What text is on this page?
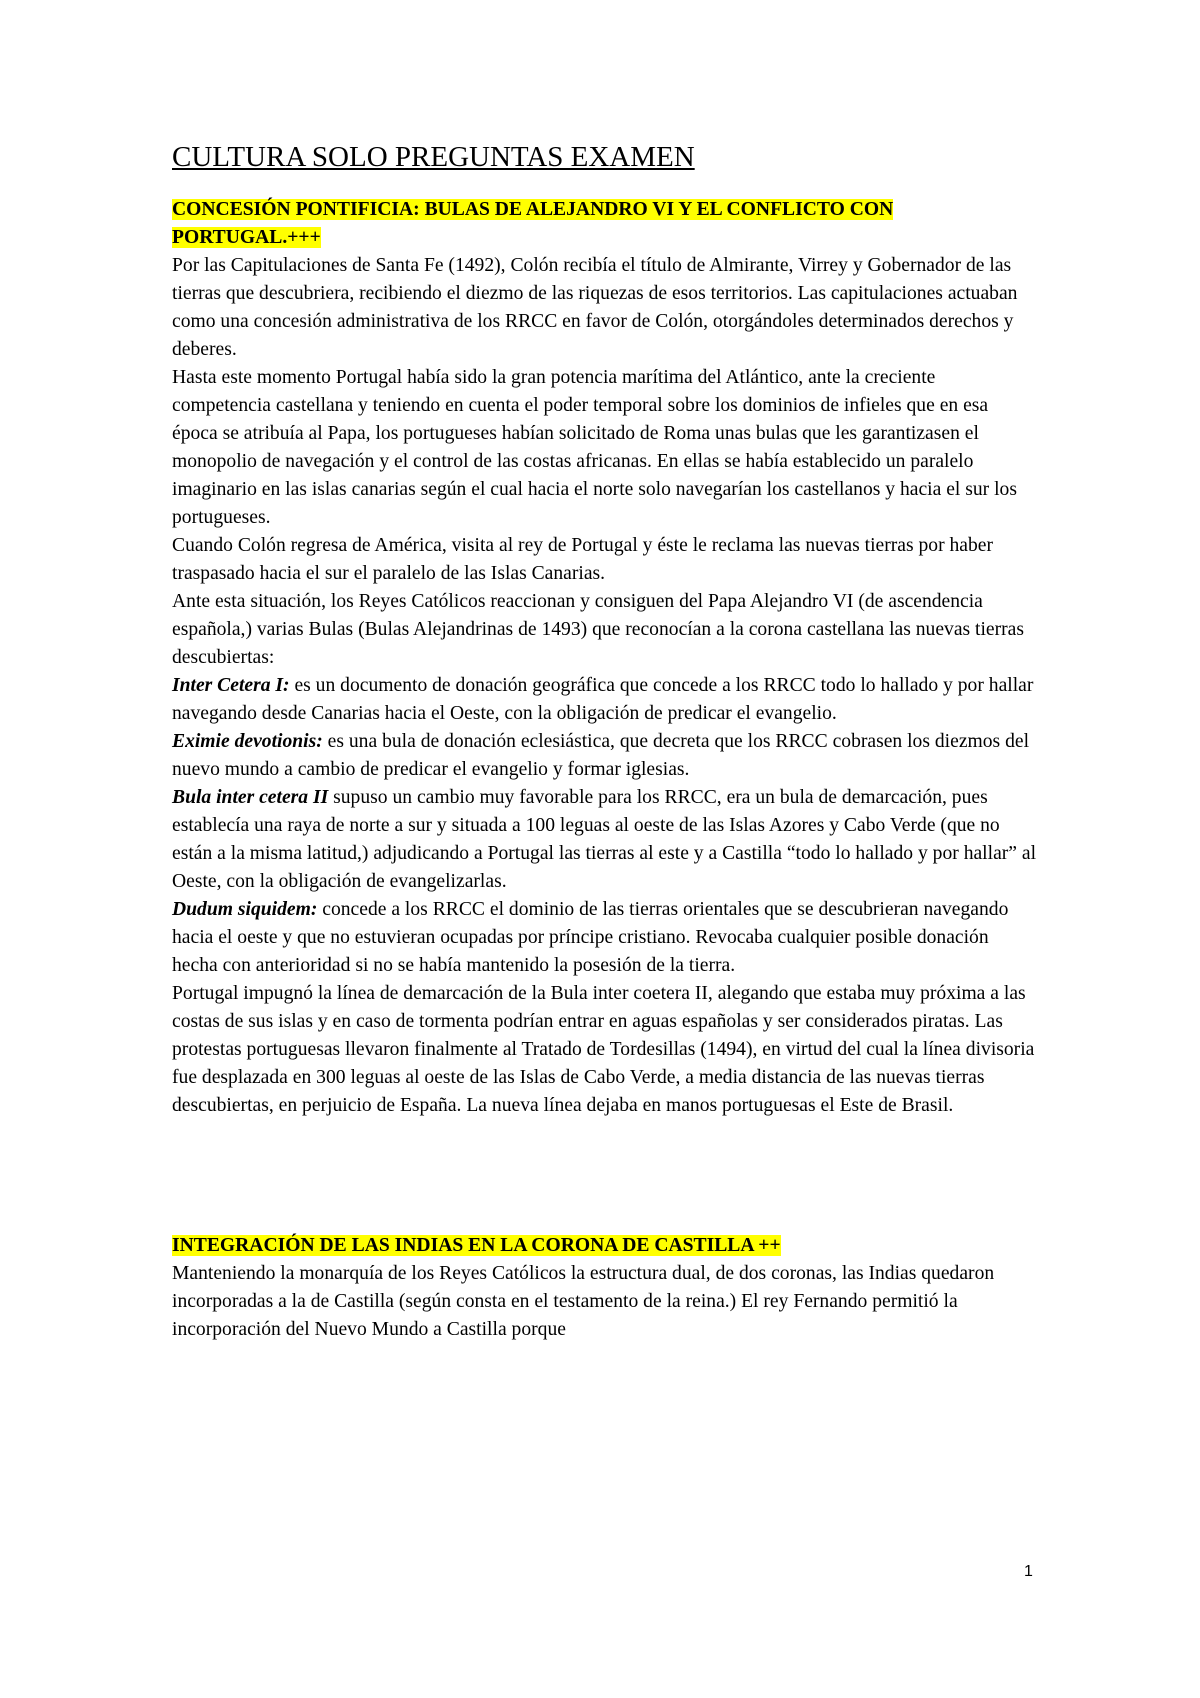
CULTURA SOLO PREGUNTAS EXAMEN
CONCESIÓN PONTIFICIA: BULAS DE ALEJANDRO VI Y EL CONFLICTO CON PORTUGAL.+++

Por las Capitulaciones de Santa Fe (1492), Colón recibía el título de Almirante, Virrey y Gobernador de las tierras que descubriera, recibiendo el diezmo de las riquezas de esos territorios. Las capitulaciones actuaban como una concesión administrativa de los RRCC en favor de Colón, otorgándoles determinados derechos y deberes.

Hasta este momento Portugal había sido la gran potencia marítima del Atlántico, ante la creciente competencia castellana y teniendo en cuenta el poder temporal sobre los dominios de infieles que en esa época se atribuía al Papa, los portugueses habían solicitado de Roma unas bulas que les garantizasen el monopolio de navegación y el control de las costas africanas. En ellas se había establecido un paralelo imaginario en las islas canarias según el cual hacia el norte solo navegarían los castellanos y hacia el sur los portugueses.

Cuando Colón regresa de América, visita al rey de Portugal y éste le reclama las nuevas tierras por haber traspasado hacia el sur el paralelo de las Islas Canarias.

Ante esta situación, los Reyes Católicos reaccionan y consiguen del Papa Alejandro VI (de ascendencia española,) varias Bulas (Bulas Alejandrinas de 1493) que reconocían a la corona castellana las nuevas tierras descubiertas:

Inter Cetera I: es un documento de donación geográfica que concede a los RRCC todo lo hallado y por hallar navegando desde Canarias hacia el Oeste, con la obligación de predicar el evangelio.

Eximie devotionis: es una bula de donación eclesiástica, que decreta que los RRCC cobrasen los diezmos del nuevo mundo a cambio de predicar el evangelio y formar iglesias.

Bula inter cetera II supuso un cambio muy favorable para los RRCC, era un bula de demarcación, pues establecía una raya de norte a sur y situada a 100 leguas al oeste de las Islas Azores y Cabo Verde (que no están a la misma latitud,) adjudicando a Portugal las tierras al este y a Castilla “todo lo hallado y por hallar” al Oeste, con la obligación de evangelizarlas.

Dudum siquidem: concede a los RRCC el dominio de las tierras orientales que se descubrieran navegando hacia el oeste y que no estuvieran ocupadas por príncipe cristiano. Revocaba cualquier posible donación hecha con anterioridad si no se había mantenido la posesión de la tierra.

Portugal impugnó la línea de demarcación de la Bula inter coetera II, alegando que estaba muy próxima a las costas de sus islas y en caso de tormenta podrían entrar en aguas españolas y ser considerados piratas. Las protestas portuguesas llevaron finalmente al Tratado de Tordesillas (1494), en virtud del cual la línea divisoria fue desplazada en 300 leguas al oeste de las Islas de Cabo Verde, a media distancia de las nuevas tierras descubiertas, en perjuicio de España. La nueva línea dejaba en manos portuguesas el Este de Brasil.

INTEGRACIÓN DE LAS INDIAS EN LA CORONA DE CASTILLA ++

Manteniendo la monarquía de los Reyes Católicos la estructura dual, de dos coronas, las Indias quedaron incorporadas a la de Castilla (según consta en el testamento de la reina.) El rey Fernando permitió la incorporación del Nuevo Mundo a Castilla porque

1
